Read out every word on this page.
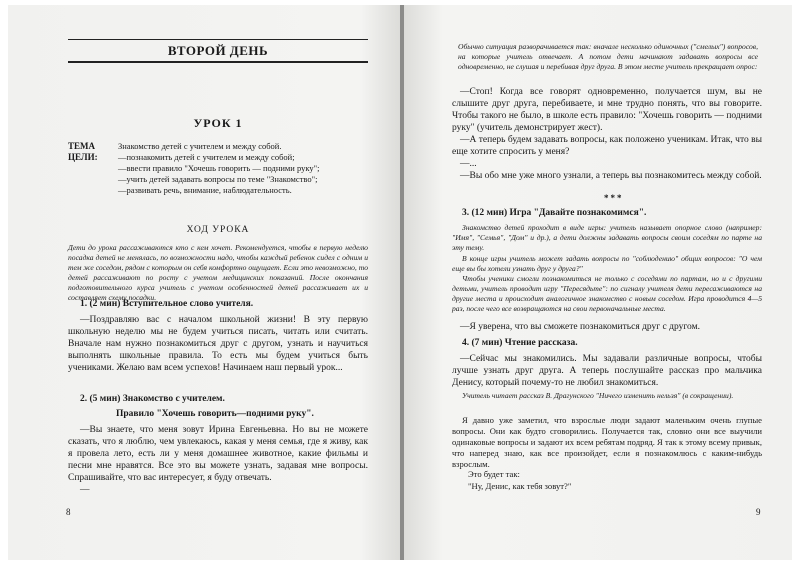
ВТОРОЙ ДЕНЬ
УРОК 1
ТЕМА
ЦЕЛИ:
Знакомство детей с учителем и между собой.
—познакомить детей с учителем и между собой;
—ввести правило "Хочешь говорить — подними руку";
—учить детей задавать вопросы по теме "Знакомство";
—развивать речь, внимание, наблюдательность.
ХОД УРОКА
Дети до урока рассаживаются кто с кем хочет. Рекомендуется, чтобы в первую неделю посадка детей не менялась, по возможности надо, чтобы каждый ребенок сидел с одним и тем же соседом, рядом с которым он себя комфортно ощущает. Если это невозможно, то детей рассаживают по росту с учетом медицинских показаний. После окончания подготовительного курса учитель с учетом особенностей детей рассаживает их и составляет схему посадки.
1. (2 мин) Вступительное слово учителя.
—Поздравляю вас с началом школьной жизни! В эту первую школьную неделю мы не будем учиться писать, читать или считать. Вначале нам нужно познакомиться друг с другом, узнать и научиться выполнять школьные правила. То есть мы будем учиться быть учениками. Желаю вам всем успехов! Начинаем наш первый урок...
2. (5 мин) Знакомство с учителем.
Правило "Хочешь говорить—подними руку".
—Вы знаете, что меня зовут Ирина Евгеньевна. Но вы не можете сказать, что я люблю, чем увлекаюсь, какая у меня семья, где я живу, как я провела лето, есть ли у меня домашнее животное, какие фильмы и песни мне нравятся. Все это вы можете узнать, задавая мне вопросы. Спрашивайте, что вас интересует, я буду отвечать.
—
8
Обычно ситуация разворачивается так: вначале несколько одиночных ("cмелых") вопросов, на которые учитель отвечает. А потом дети начинают задавать вопросы все одновременно, не слушая и перебивая друг друга. В этом месте учитель прекращает опрос:
—Стоп! Когда все говорят одновременно, получается шум, вы не слышите друг друга, перебиваете, и мне трудно понять, что вы говорите. Чтобы такого не было, в школе есть правило: "Хочешь говорить — подними руку" (учитель демонстрирует жест).
—А теперь будем задавать вопросы, как положено ученикам. Итак, что вы еще хотите спросить у меня?
—...
—Вы обо мне уже много узнали, а теперь вы познакомитесь между собой.
***
3. (12 мин) Игра "Давайте познакомимся".
Знакомство детей проходит в виде игры: учитель называет опорное слово (например: "Имя", "Семья", "Дом" и др.), а дети должны задавать вопросы своим соседям по парте на эту тему.
В конце игры учитель может задать вопросы по "соблюдению" общих вопросов: "О чем еще вы бы хотели узнать друг у друга?"
Чтобы ученики смогли познакомиться не только с соседями по партам, но и с другими детьми, учитель проводит игру "Пересядьте": по сигналу учителя дети пересаживаются на другие места и происходит аналогичное знакомство с новым соседом. Игра проводится 4—5 раз, после чего все возвращаются на свои первоначальные места.
—Я уверена, что вы сможете познакомиться друг с другом.
4. (7 мин) Чтение рассказа.
—Сейчас мы знакомились. Мы задавали различные вопросы, чтобы лучше узнать друг друга. А теперь послушайте рассказ про мальчика Денису, который почему-то не любил знакомиться.
Учитель читает рассказ В. Драгунского "Ничего изменить нельзя" (в сокращении).
Я давно уже заметил, что взрослые люди задают маленьким очень глупые вопросы. Они как будто сговорились. Получается так, словно они все выучили одинаковые вопросы и задают их всем ребятам подряд. Я так к этому всему привык, что наперед знаю, как все произойдет, если я познакомлюсь с каким-нибудь взрослым.
Это будет так:
"Ну, Денис, как тебя зовут?"
9
